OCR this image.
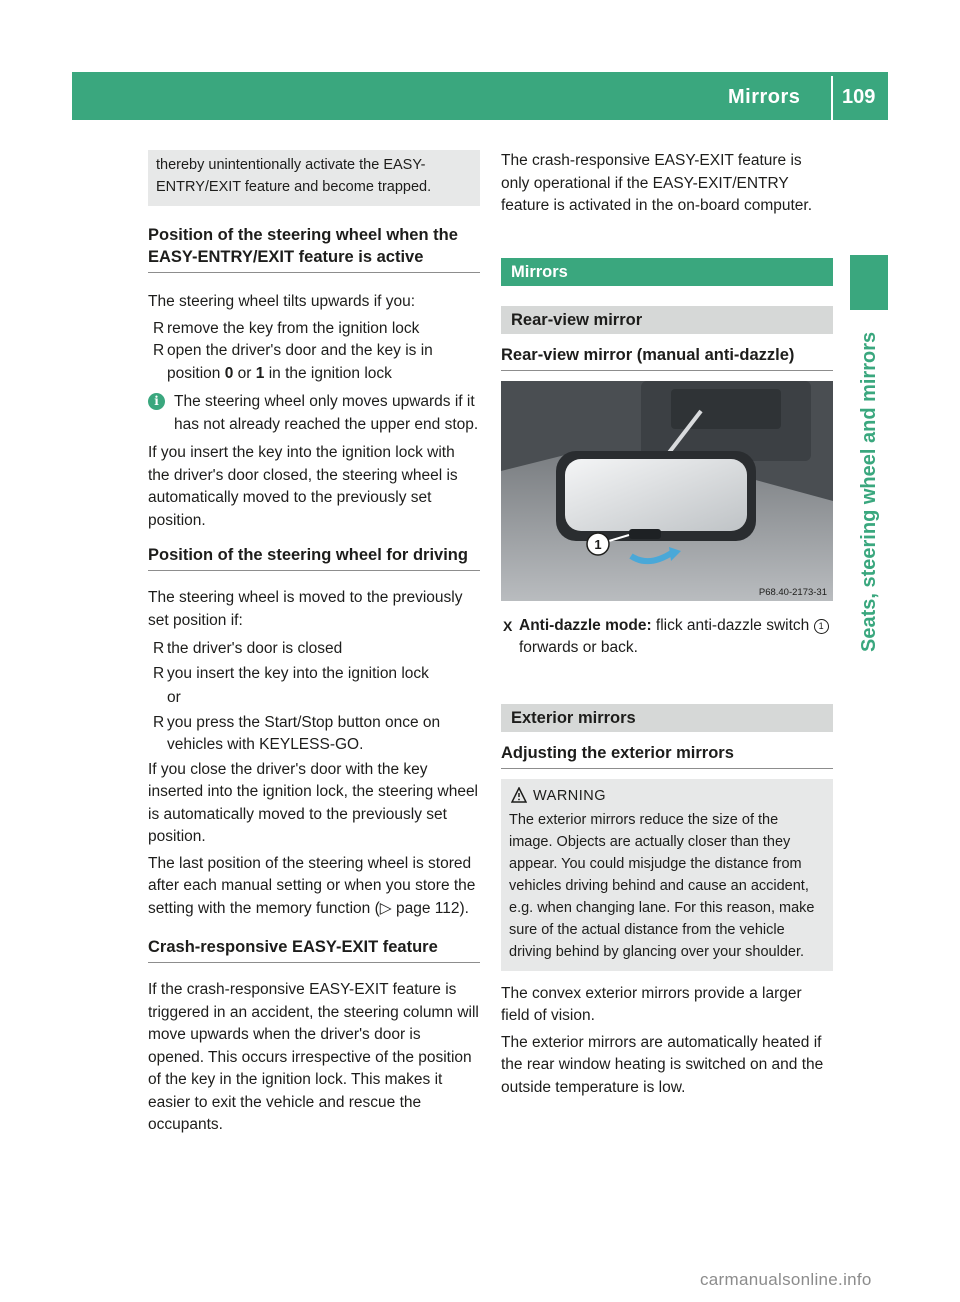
Mirrors 109
Seats, steering wheel and mirrors
thereby unintentionally activate the EASY-ENTRY/EXIT feature and become trapped.

Position of the steering wheel when the EASY-ENTRY/EXIT feature is active

The steering wheel tilts upwards if you:

R remove the key from the ignition lock
R open the driver's door and the key is in position 0 or 1 in the ignition lock
i The steering wheel only moves upwards if it has not already reached the upper end stop.

If you insert the key into the ignition lock with the driver's door closed, the steering wheel is automatically moved to the previously set position.

Position of the steering wheel for driving

The steering wheel is moved to the previously set position if:

R the driver's door is closed
R you insert the key into the ignition lock
or
R you press the Start/Stop button once on vehicles with KEYLESS-GO.

If you close the driver's door with the key inserted into the ignition lock, the steering wheel is automatically moved to the previously set position.

The last position of the steering wheel is stored after each manual setting or when you store the setting with the memory function (▷ page 112).

Crash-responsive EASY-EXIT feature

If the crash-responsive EASY-EXIT feature is triggered in an accident, the steering column will move upwards when the driver's door is opened. This occurs irrespective of the position of the key in the ignition lock. This makes it easier to exit the vehicle and rescue the occupants.

The crash-responsive EASY-EXIT feature is only operational if the EASY-EXIT/ENTRY feature is activated in the on-board computer.

Mirrors
Rear-view mirror

Rear-view mirror (manual anti-dazzle)

1
P68.40-2173-31
X Anti-dazzle mode: flick anti-dazzle switch 1 forwards or back.
Exterior mirrors

Adjusting the exterior mirrors

WARNING
The exterior mirrors reduce the size of the image. Objects are actually closer than they appear. You could misjudge the distance from vehicles driving behind and cause an accident, e.g. when changing lane. For this reason, make sure of the actual distance from the vehicle driving behind by glancing over your shoulder.

The convex exterior mirrors provide a larger field of vision.

The exterior mirrors are automatically heated if the rear window heating is switched on and the outside temperature is low.

carmanualsonline.info
